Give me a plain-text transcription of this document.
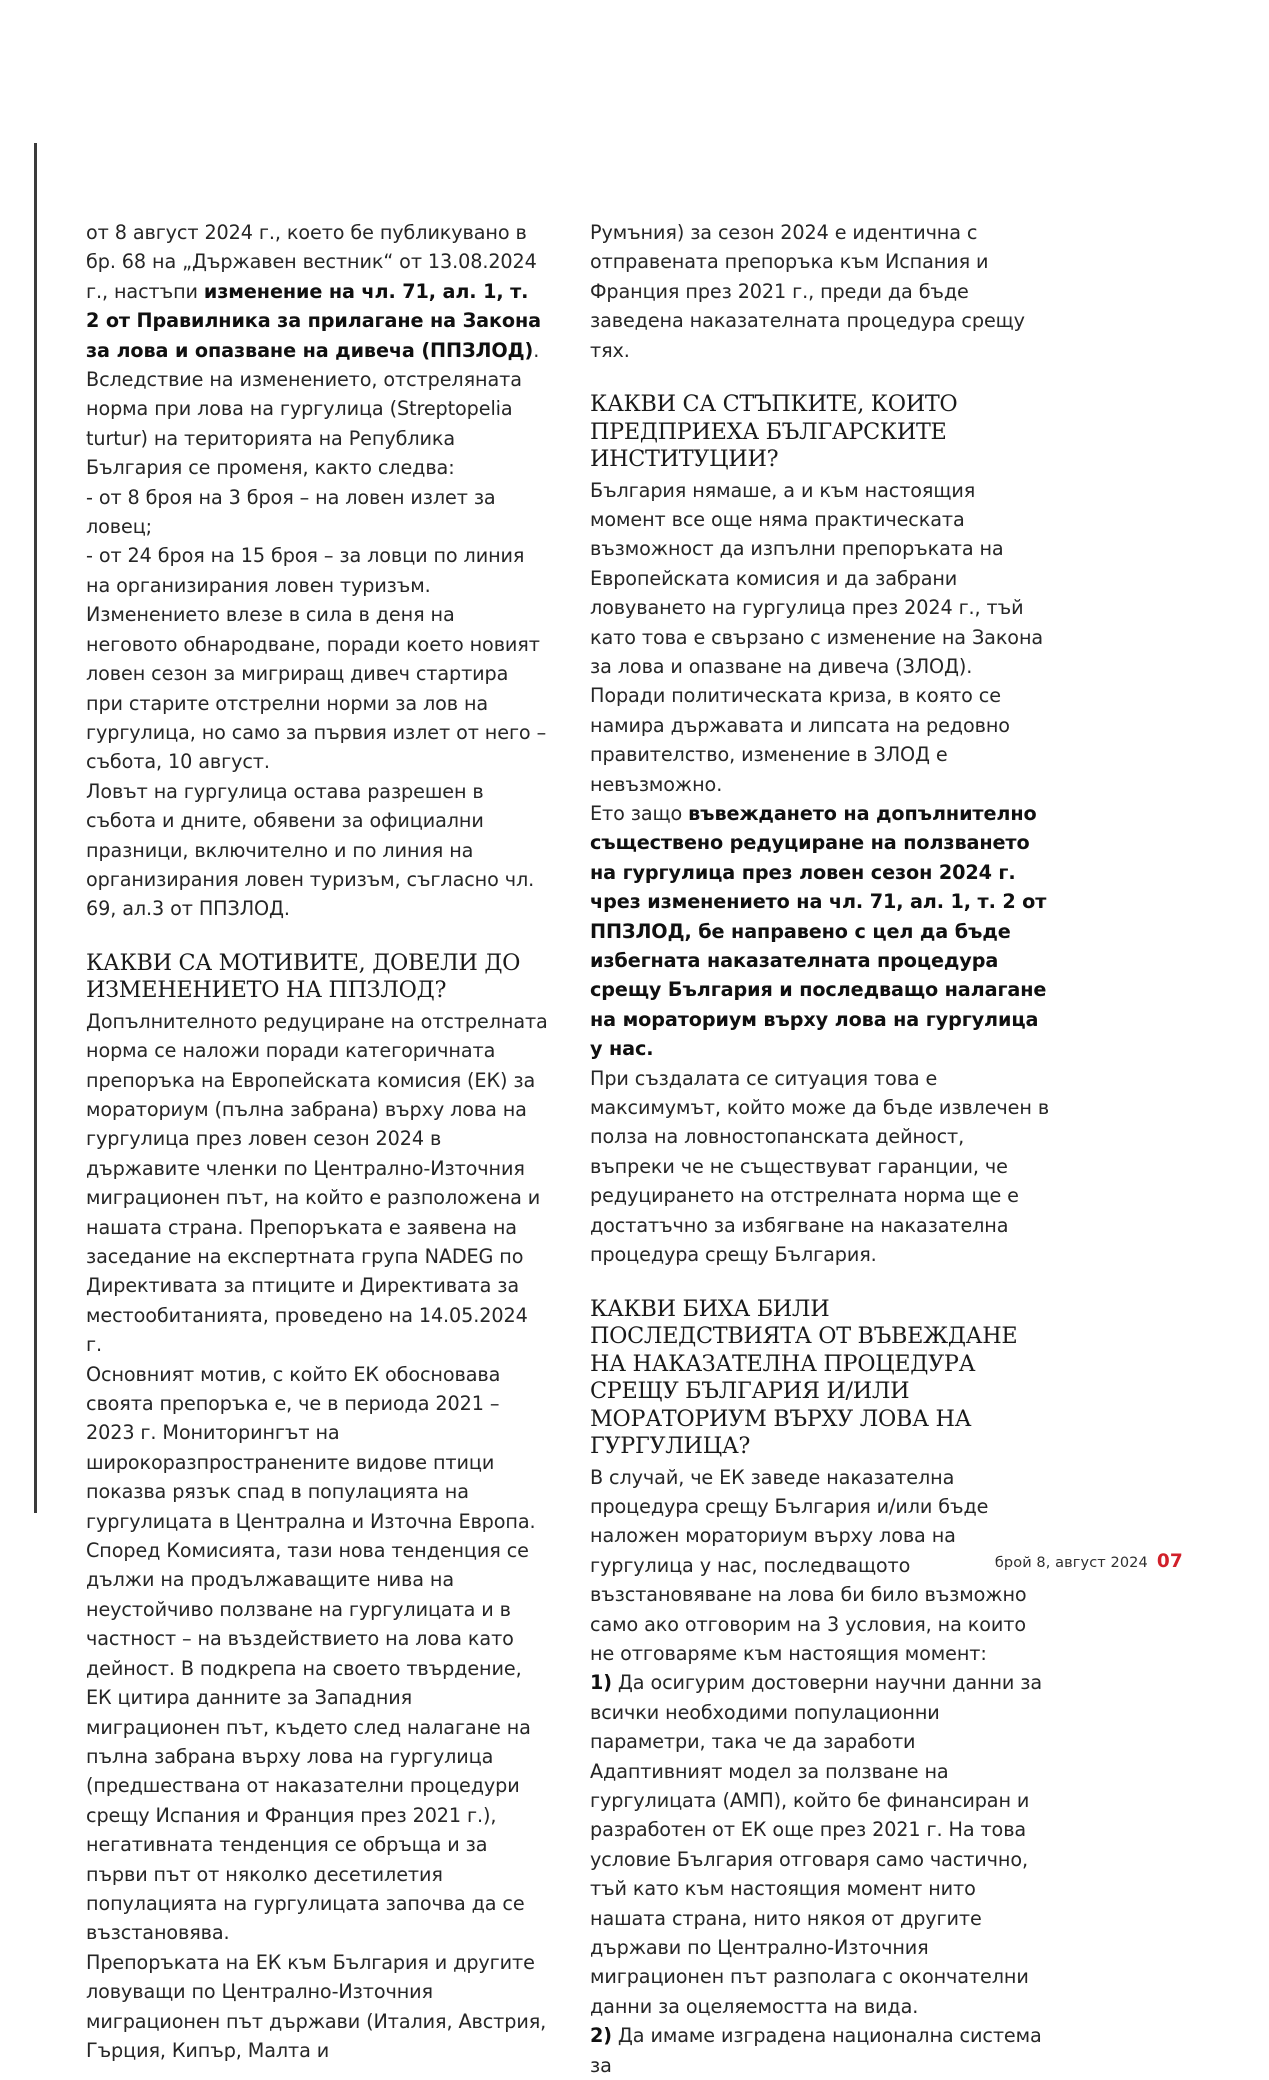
от 8 август 2024 г., което бе публикувано в бр. 68 на „Държавен вестник“ от 13.08.2024 г., настъпи изменение на чл. 71, ал. 1, т. 2 от Правилника за прилагане на Закона за лова и опазване на дивеча (ППЗЛОД). Вследствие на изменението, отстреляната норма при лова на гургулица (Streptopelia turtur) на територията на Република България се променя, както следва:

- от 8 броя на 3 броя – на ловен излет за ловец;

- от 24 броя на 15 броя – за ловци по линия на организирания ловен туризъм.

Изменението влезе в сила в деня на неговото обнародване, поради което новият ловен сезон за мигриращ дивеч стартира при старите отстрелни норми за лов на гургулица, но само за първия излет от него – събота, 10 август.

Ловът на гургулица остава разрешен в събота и дните, обявени за официални празници, включително и по линия на организирания ловен туризъм, съгласно чл. 69, ал.3 от ППЗЛОД.

КАКВИ СА МОТИВИТЕ, ДОВЕЛИ ДО ИЗМЕНЕНИЕТО НА ППЗЛОД?

Допълнителното редуциране на отстрелната норма се наложи поради категоричната препоръка на Европейската комисия (ЕК) за мораториум (пълна забрана) върху лова на гургулица през ловен сезон 2024 в държавите членки по Централно-Източния миграционен път, на който е разположена и нашата страна. Препоръката е заявена на заседание на експертната група NADEG по Директивата за птиците и Директивата за местообитанията, проведено на 14.05.2024 г.

Основният мотив, с който ЕК обосновава своята препоръка е, че в периода 2021 – 2023 г. Мониторингът на широкоразпространените видове птици показва рязък спад в популацията на гургулицата в Централна и Източна Европа. Според Комисията, тази нова тенденция се дължи на продължаващите нива на неустойчиво ползване на гургулицата и в частност – на въздействието на лова като дейност. В подкрепа на своето твърдение, ЕК цитира данните за Западния миграционен път, където след налагане на пълна забрана върху лова на гургулица (предшествана от наказателни процедури срещу Испания и Франция през 2021 г.), негативната тенденция се обръща и за първи път от няколко десетилетия популацията на гургулицата започва да се възстановява.

Препоръката на ЕК към България и другите ловуващи по Централно-Източния миграционен път държави (Италия, Австрия, Гърция, Кипър, Малта и

Румъния) за сезон 2024 е идентична с отправената препоръка към Испания и Франция през 2021 г., преди да бъде заведена наказателната процедура срещу тях.

КАКВИ СА СТЪПКИТЕ, КОИТО ПРЕДПРИЕХА БЪЛГАРСКИТЕ ИНСТИТУЦИИ?

България нямаше, а и към настоящия момент все още няма практическата възможност да изпълни препоръката на Европейската комисия и да забрани ловуването на гургулица през 2024 г., тъй като това е свързано с изменение на Закона за лова и опазване на дивеча (ЗЛОД). Поради политическата криза, в която се намира държавата и липсата на редовно правителство, изменение в ЗЛОД е невъзможно.

Ето защо въвеждането на допълнително съществено редуциране на ползването на гургулица през ловен сезон 2024 г. чрез изменението на чл. 71, ал. 1, т. 2 от ППЗЛОД, бе направено с цел да бъде избегната наказателната процедура срещу България и последващо налагане на мораториум върху лова на гургулица у нас.

При създалата се ситуация това е максимумът, който може да бъде извлечен в полза на ловностопанската дейност, въпреки че не съществуват гаранции, че редуцирането на отстрелната норма ще е достатъчно за избягване на наказателна процедура срещу България.

КАКВИ БИХА БИЛИ ПОСЛЕДСТВИЯТА ОТ ВЪВЕЖДАНЕ НА НАКАЗАТЕЛНА ПРОЦЕДУРА СРЕЩУ БЪЛГАРИЯ И/ИЛИ МОРАТОРИУМ ВЪРХУ ЛОВА НА ГУРГУЛИЦА?

В случай, че ЕК заведе наказателна процедура срещу България и/или бъде наложен мораториум върху лова на гургулица у нас, последващото възстановяване на лова би било възможно само ако отговорим на 3 условия, на които не отговаряме към настоящия момент:

1) Да осигурим достоверни научни данни за всички необходими популационни параметри, така че да заработи Адаптивният модел за ползване на гургулицата (АМП), който бе финансиран и разработен от ЕК още през 2021 г. На това условие България отговаря само частично, тъй като към настоящия момент нито нашата страна, нито някоя от другите държави по Централно-Източния миграционен път разполага с окончателни данни за оцеляемостта на вида.

2) Да имаме изградена национална система за

брой 8, август 2024 07
